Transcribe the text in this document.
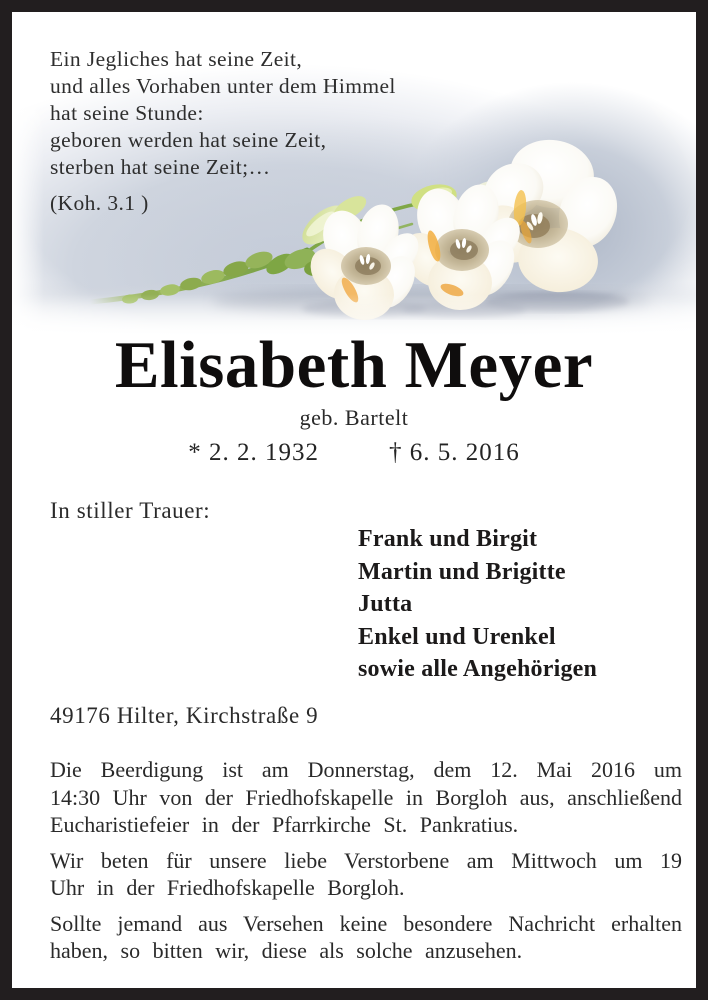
Ein Jegliches hat seine Zeit,
und alles Vorhaben unter dem Himmel
hat seine Stunde:
geboren werden hat seine Zeit,
sterben hat seine Zeit;…
(Koh. 3.1 )
Elisabeth Meyer
geb. Bartelt
* 2. 2. 1932	† 6. 5. 2016
In stiller Trauer:
Frank und Birgit
Martin und Brigitte
Jutta
Enkel und Urenkel
sowie alle Angehörigen
49176 Hilter, Kirchstraße 9

Die Beerdigung ist am Donnerstag, dem 12. Mai 2016 um 14:30 Uhr von der Friedhofskapelle in Borgloh aus, anschließend Eucharistiefeier in der Pfarrkirche St. Pankratius.

Wir beten für unsere liebe Verstorbene am Mittwoch um 19 Uhr in der Friedhofskapelle Borgloh.

Sollte jemand aus Versehen keine besondere Nachricht erhalten haben, so bitten wir, diese als solche anzusehen.
